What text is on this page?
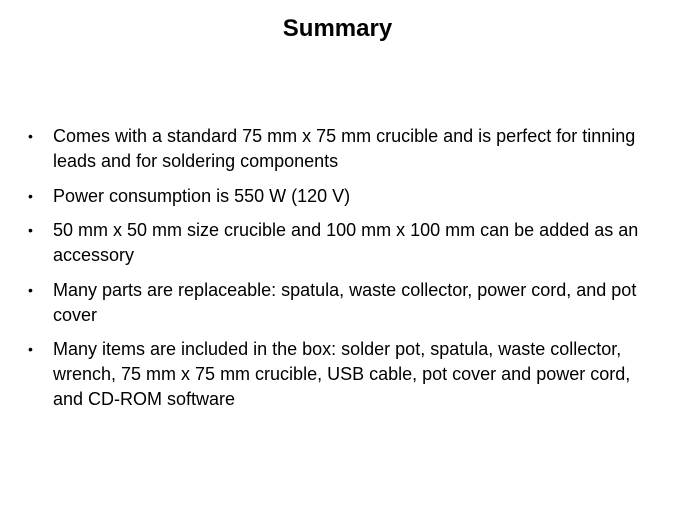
Summary
•	Comes with a standard 75 mm x 75 mm crucible and is perfect for tinning leads and for soldering components
•	Power consumption is 550 W (120 V)
•	50 mm x 50 mm size crucible and 100 mm x 100 mm can be added as an accessory
•	Many parts are replaceable: spatula, waste collector, power cord, and pot cover
•	Many items are included in the box: solder pot, spatula, waste collector, wrench, 75 mm x 75 mm crucible, USB cable, pot cover and power cord, and CD-ROM software
